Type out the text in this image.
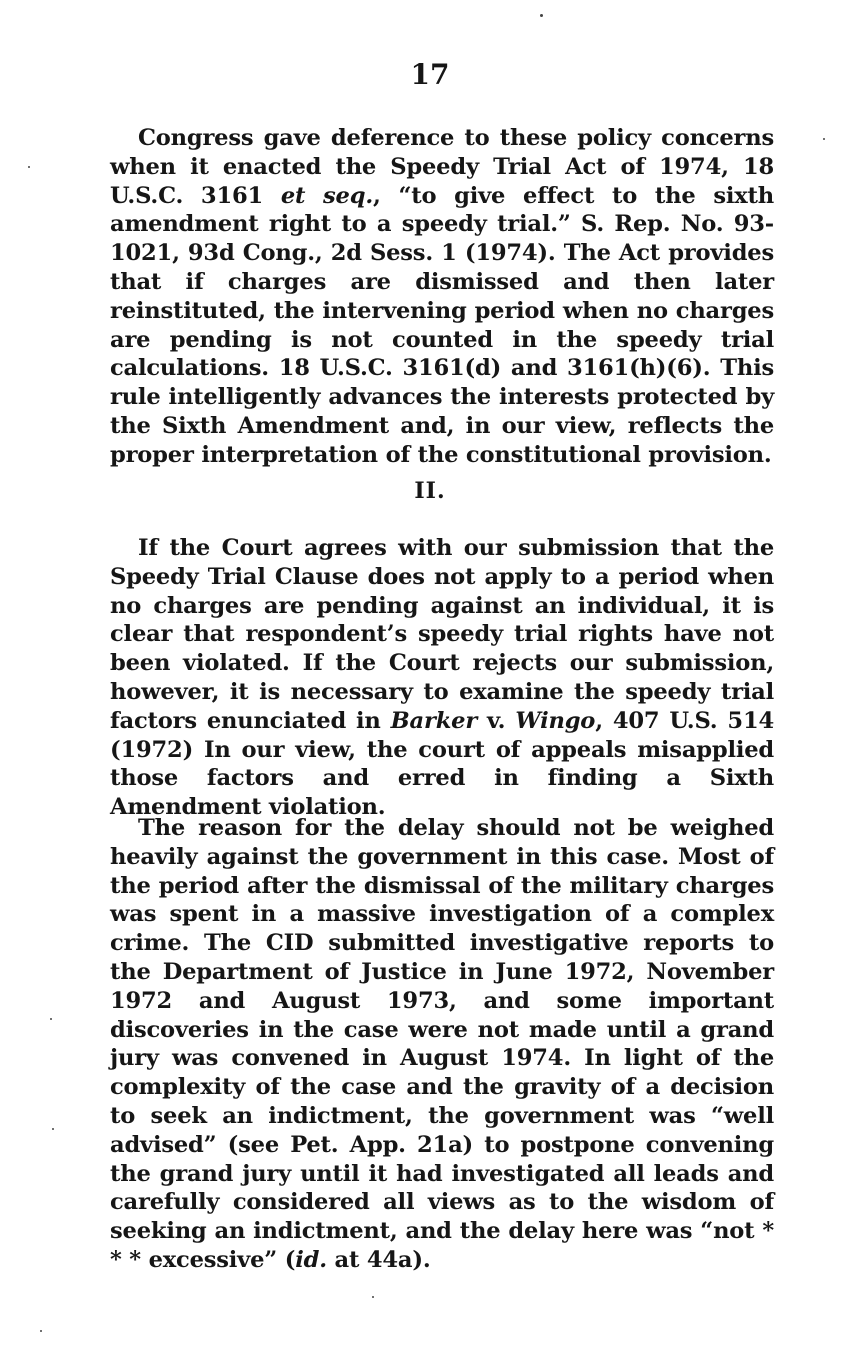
17

Congress gave deference to these policy concerns when it enacted the Speedy Trial Act of 1974, 18 U.S.C. 3161 et seq., “to give effect to the sixth amendment right to a speedy trial.” S. Rep. No. 93-1021, 93d Cong., 2d Sess. 1 (1974). The Act provides that if charges are dismissed and then later reinstituted, the intervening period when no charges are pending is not counted in the speedy trial calculations. 18 U.S.C. 3161(d) and 3161(h)(6). This rule intelligently advances the interests protected by the Sixth Amendment and, in our view, reflects the proper interpretation of the constitutional provision.

II.

If the Court agrees with our submission that the Speedy Trial Clause does not apply to a period when no charges are pending against an individual, it is clear that respondent’s speedy trial rights have not been violated. If the Court rejects our submission, however, it is necessary to examine the speedy trial factors enunciated in Barker v. Wingo, 407 U.S. 514 (1972) In our view, the court of appeals misapplied those factors and erred in finding a Sixth Amendment violation.

The reason for the delay should not be weighed heavily against the government in this case. Most of the period after the dismissal of the military charges was spent in a massive investigation of a complex crime. The CID submitted investigative reports to the Department of Justice in June 1972, November 1972 and August 1973, and some important discoveries in the case were not made until a grand jury was convened in August 1974. In light of the complexity of the case and the gravity of a decision to seek an indictment, the government was “well advised” (see Pet. App. 21a) to postpone convening the grand jury until it had investigated all leads and carefully considered all views as to the wisdom of seeking an indictment, and the delay here was “not * * * excessive” (id. at 44a).
